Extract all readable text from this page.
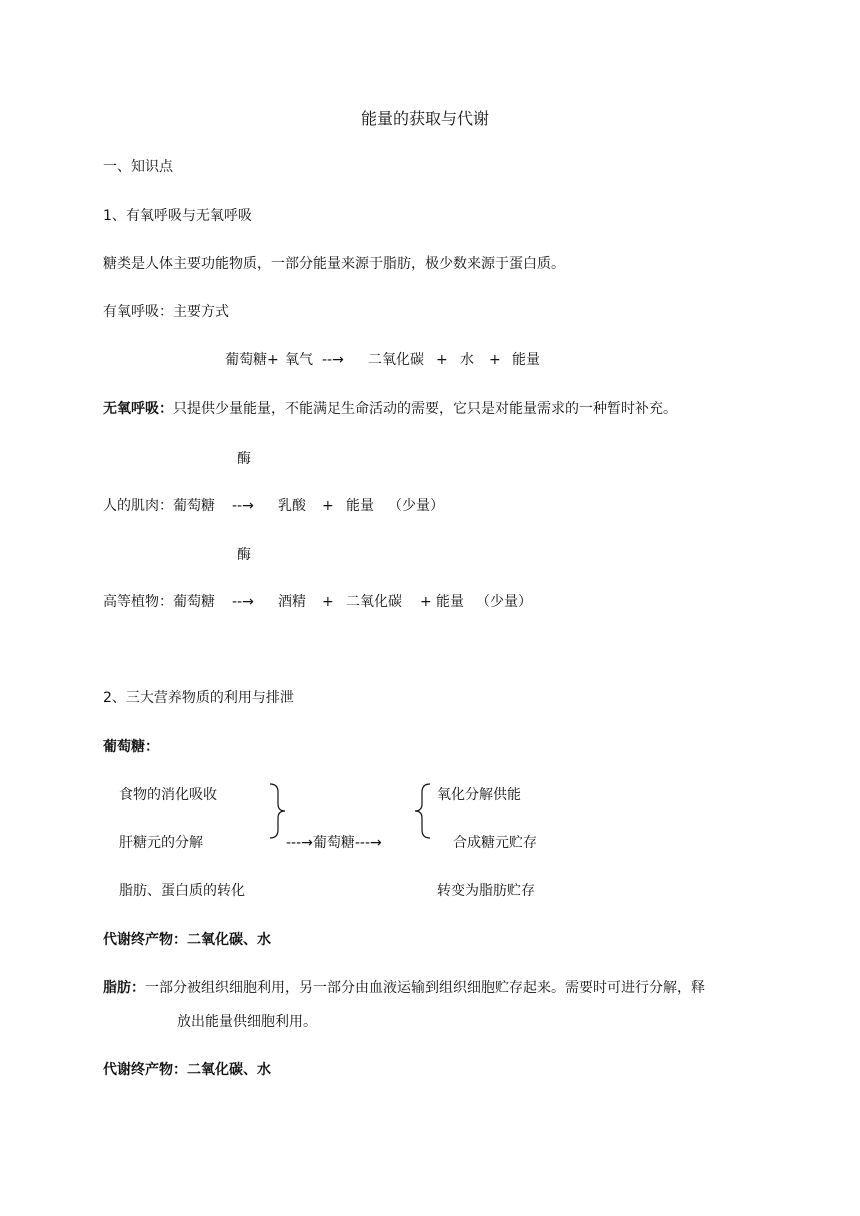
能量的获取与代谢
一、知识点
1、有氧呼吸与无氧呼吸
糖类是人体主要功能物质，一部分能量来源于脂肪，极少数来源于蛋白质。
有氧呼吸：主要方式
葡萄糖+ 氧气 --→ 二氧化碳 + 水 + 能量
无氧呼吸：只提供少量能量，不能满足生命活动的需要，它只是对能量需求的一种暂时补充。
酶
人的肌肉：葡萄糖 --→ 乳酸 + 能量 （少量）
酶
高等植物：葡萄糖 --→ 酒精 + 二氧化碳 + 能量 （少量）
2、三大营养物质的利用与排泄
葡萄糖：
食物的消化吸收
肝糖元的分解
脂肪、蛋白质的转化
---→葡萄糖---→
氧化分解供能
合成糖元贮存
转变为脂肪贮存
代谢终产物：二氧化碳、水
脂肪：一部分被组织细胞利用，另一部分由血液运输到组织细胞贮存起来。需要时可进行分解，释
放出能量供细胞利用。
代谢终产物：二氧化碳、水
